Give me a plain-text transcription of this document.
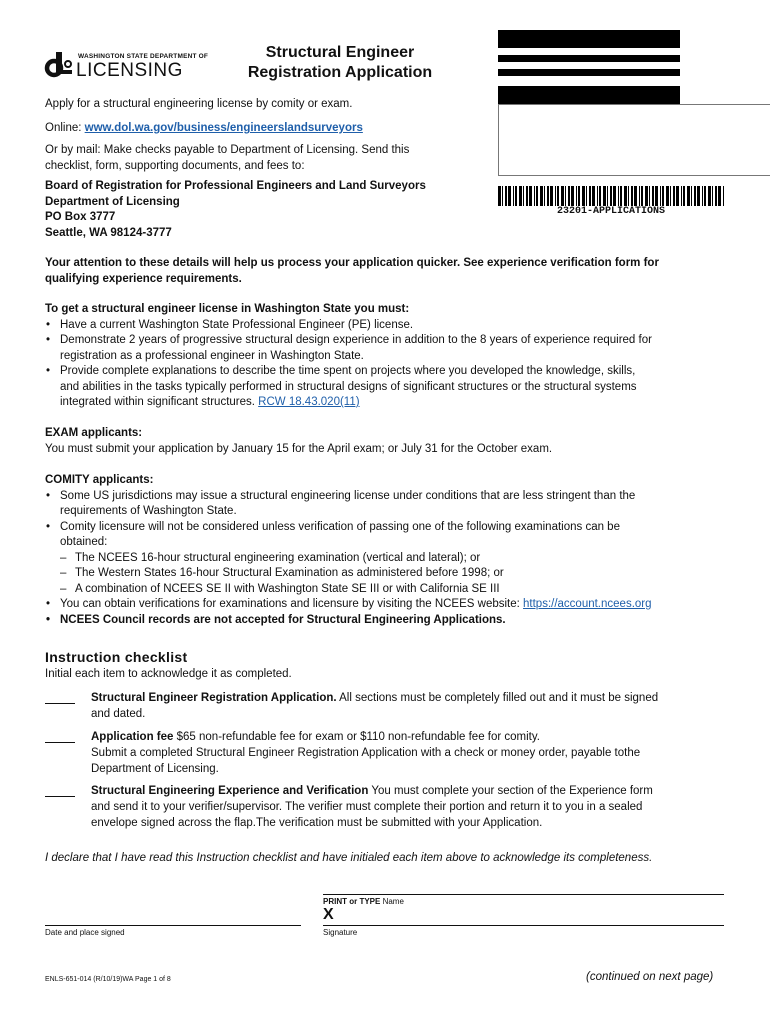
WASHINGTON STATE DEPARTMENT OF
LICENSING
Structural Engineer
Registration Application
23201-APPLICATIONS
Apply for a structural engineering license by comity or exam.
Online: www.dol.wa.gov/business/engineerslandsurveyors
Or by mail: Make checks payable to Department of Licensing. Send this
checklist, form, supporting documents, and fees to:
Board of Registration for Professional Engineers and Land Surveyors
Department of Licensing
PO Box 3777
Seattle, WA 98124-3777
Your attention to these details will help us process your application quicker. See experience verification form for
qualifying experience requirements.
To get a structural engineer license in Washington State you must:
• Have a current Washington State Professional Engineer (PE) license.
• Demonstrate 2 years of progressive structural design experience in addition to the 8 years of experience required for
registration as a professional engineer in Washington State.
• Provide complete explanations to describe the time spent on projects where you developed the knowledge, skills,
and abilities in the tasks typically performed in structural designs of significant structures or the structural systems
integrated within significant structures. RCW 18.43.020(11)
EXAM applicants:
You must submit your application by January 15 for the April exam; or July 31 for the October exam.
COMITY applicants:
• Some US jurisdictions may issue a structural engineering license under conditions that are less stringent than the
requirements of Washington State.
• Comity licensure will not be considered unless verification of passing one of the following examinations can be
obtained:
– The NCEES 16-hour structural engineering examination (vertical and lateral); or
– The Western States 16-hour Structural Examination as administered before 1998; or
– A combination of NCEES SE II with Washington State SE III or with California SE III
• You can obtain verifications for examinations and licensure by visiting the NCEES website: https://account.ncees.org
• NCEES Council records are not accepted for Structural Engineering Applications.
Instruction checklist
Initial each item to acknowledge it as completed.
Structural Engineer Registration Application. All sections must be completely filled out and it must be signed
and dated.
Application fee $65 non-refundable fee for exam or $110 non-refundable fee for comity.
Submit a completed Structural Engineer Registration Application with a check or money order, payable tothe
Department of Licensing.
Structural Engineering Experience and Verification You must complete your section of the Experience form
and send it to your verifier/supervisor. The verifier must complete their portion and return it to you in a sealed
envelope signed across the flap.The verification must be submitted with your Application.
I declare that I have read this Instruction checklist and have initialed each item above to acknowledge its completeness.
PRINT or TYPE Name
X
Date and place signed	Signature
ENLS-651-014 (R/10/19)WA Page 1 of 8	(continued on next page)
